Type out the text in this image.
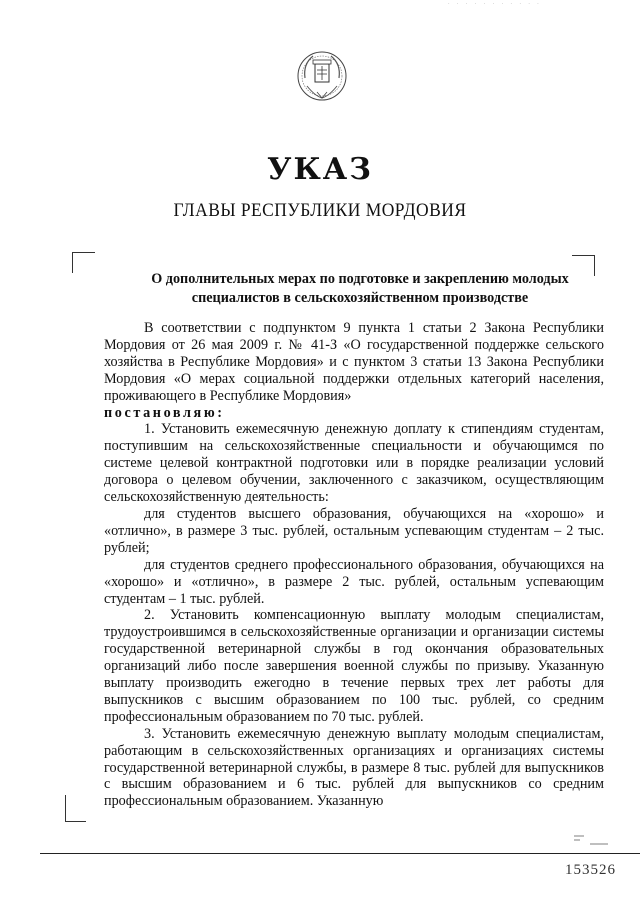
· · · · · · · · · · ·
УКАЗ
ГЛАВЫ РЕСПУБЛИКИ МОРДОВИЯ
О дополнительных мерах по подготовке и закреплению молодых
специалистов в сельскохозяйственном производстве

В соответствии с подпунктом 9 пункта 1 статьи 2 Закона Республики Мордовия от 26 мая 2009 г. № 41-З «О государственной поддержке сельского хозяйства в Республике Мордовия» и с пунктом 3 статьи 13 Закона Республики Мордовия «О мерах социальной поддержки отдельных категорий населения, проживающего в Республике Мордовия»

постановляю:

1. Установить ежемесячную денежную доплату к стипендиям студентам, поступившим на сельскохозяйственные специальности и обучающимся по системе целевой контрактной подготовки или в порядке реализации условий договора о целевом обучении, заключенного с заказчиком, осуществляющим сельскохозяйственную деятельность:

для студентов высшего образования, обучающихся на «хорошо» и «отлично», в размере 3 тыс. рублей, остальным успевающим студентам – 2 тыс. рублей;

для студентов среднего профессионального образования, обучающихся на «хорошо» и «отлично», в размере 2 тыс. рублей, остальным успевающим студентам – 1 тыс. рублей.

2. Установить компенсационную выплату молодым специалистам, трудоустроившимся в сельскохозяйственные организации и организации системы государственной ветеринарной службы в год окончания образовательных организаций либо после завершения военной службы по призыву. Указанную выплату производить ежегодно в течение первых трех лет работы для выпускников с высшим образованием по 100 тыс. рублей, со средним профессиональным образованием по 70 тыс. рублей.

3. Установить ежемесячную денежную выплату молодым специалистам, работающим в сельскохозяйственных организациях и организациях системы государственной ветеринарной службы, в размере 8 тыс. рублей для выпускников с высшим образованием и 6 тыс. рублей для выпускников со средним профессиональным образованием. Указанную

153526
